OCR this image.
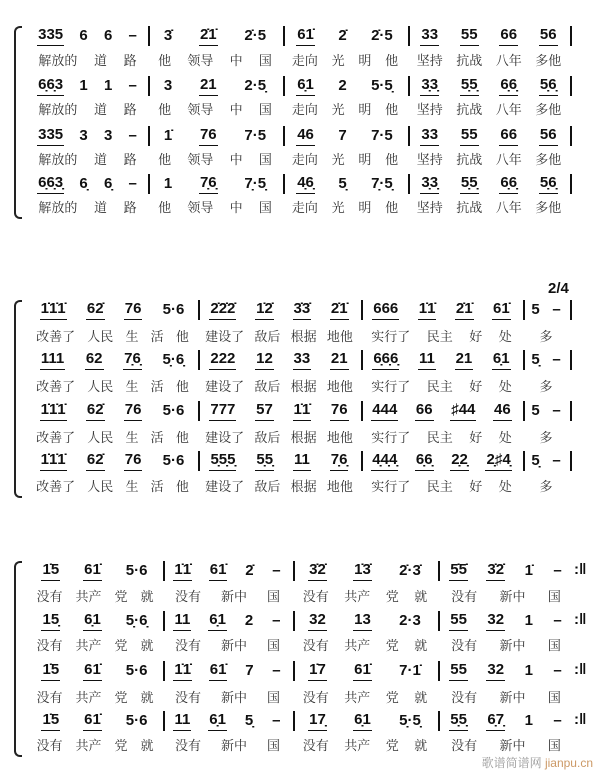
2/4
歌谱简谱网 jianpu.cn
335 6 6 –
解放的 道 路
3̇ 2̇1̇ 2̇·5
他 领导 中 国
61̇ 2̇ 2̇·5
走向 光 明 他
33 55 66 56
坚持 抗战 八年 多他
6̣6̣3 1 1 –
解放的 道 路
3 21 2·5̣
他 领导 中 国
6̣1 2 5·5̣
走向 光 明 他
3̣3̣ 5̣5̣ 6̣6̣ 5̣6̣
坚持 抗战 八年 多他
335 3 3 –
解放的 道 路
1̇ 76 7·5
他 领导 中 国
46 7 7·5
走向 光 明 他
33 55 66 56
坚持 抗战 八年 多他
6̣6̣3̣ 6̣ 6̣ –
解放的 道 路
1 7̣6̣ 7̣·5̣
他 领导 中 国
4̣6̣ 5̣ 7̣·5̣
走向 光 明 他
3̣3̣ 5̣5̣ 6̣6̣ 5̣6̣
坚持 抗战 八年 多他
1̇1̇1̇ 62̇ 76 5·6
改善了 人民 生 活 他
2̇2̇2̇ 1̇2̇ 3̇3̇ 2̇1̇
建设了 敌后 根据 地他
666 1̇1̇ 2̇1̇ 61̇
实行了 民主 好 处
5 –
多
111 62 7̣6̣ 5̣·6̣
改善了 人民 生 活 他
222 12 33 21
建设了 敌后 根据 地他
6̣6̣6̣ 11 21 6̣1
实行了 民主 好 处
5̣ –
多
1̇1̇1̇ 62̇ 76 5·6
改善了 人民 生 活 他
777 57 1̇1̇ 76
建设了 敌后 根据 地他
444 66 ♯44 46
实行了 民主 好 处
5 –
多
1̇1̇1̇ 62̇ 76 5·6
改善了 人民 生 活 他
5̣5̣5̣ 5̣5̣ 11 7̣6̣
建设了 敌后 根据 地他
4̣4̣4̣ 6̣6̣ 2̣2̣ 2̣♯4̣
实行了 民主 好 处
5̣ –
多
1̇5 61̇ 5·6
没有 共产 党 就
1̇1̇ 61̇ 2̇ –
没有 新中 国
3̇2̇ 1̇3̇ 2̇·3̇
没有 共产 党 就
5̇5̇ 3̇2̇ 1̇ –
没有 新中 国
:‖
15̣ 6̣1 5̣·6̣
没有 共产 党 就
11 6̣1 2 –
没有 新中 国
32 13 2·3
没有 共产 党 就
55 32 1 –
没有 新中 国
:‖
1̇5 61̇ 5·6
没有 共产 党 就
1̇1̇ 61̇ 7 –
没有 新中 国
1̇7 61̇ 7·1̇
没有 共产 党 就
55 32 1 –
没有 新中 国
:‖
1̇5 61̇ 5·6
没有 共产 党 就
11 6̣1 5̣ –
没有 新中 国
17̣ 6̣1 5̣·5̣
没有 共产 党 就
5̣5̣ 6̣7̣ 1 –
没有 新中 国
:‖
